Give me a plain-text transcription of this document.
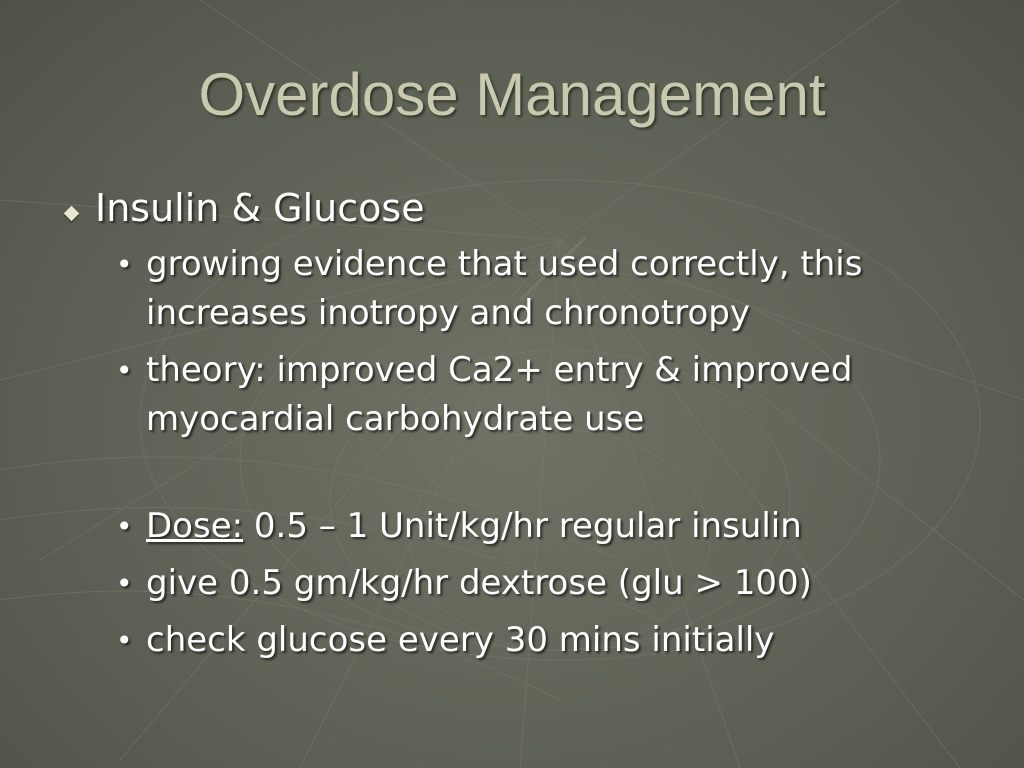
Overdose Management
Insulin & Glucose
• growing evidence that used correctly, this increases inotropy and chronotropy
• theory: improved Ca2+ entry & improved myocardial carbohydrate use
• Dose: 0.5 – 1 Unit/kg/hr regular insulin
• give 0.5 gm/kg/hr dextrose (glu > 100)
• check glucose every 30 mins initially
